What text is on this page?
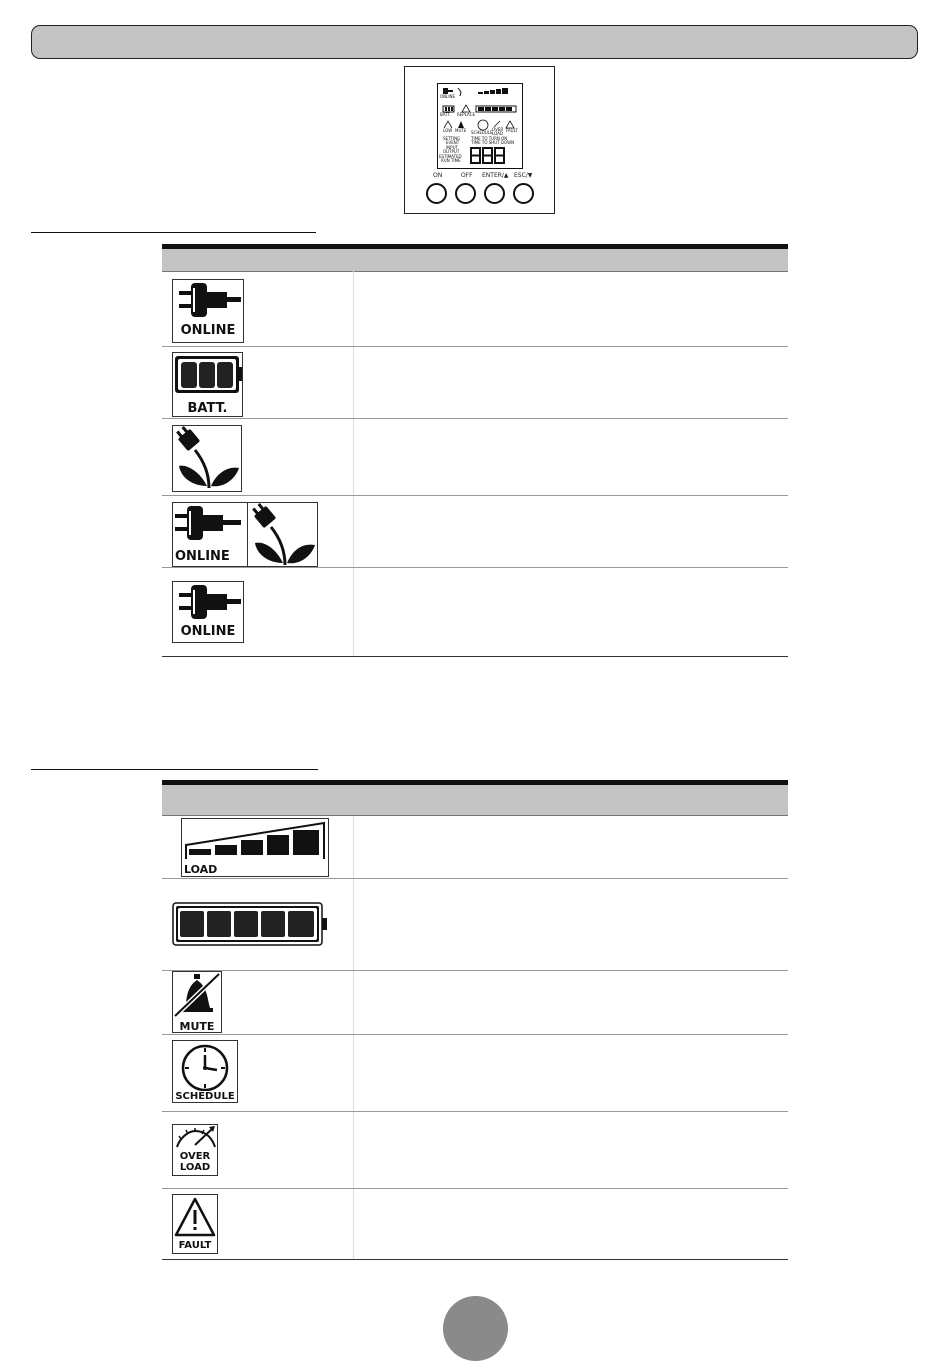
ONLINE
BATT. REPLACE
LOW MUTE SCHEDULE
OVER
LOAD
FAULT
SETTING
EVENT
INPUT
OUTPUT
ESTIMATED
RUN TIME
TIME TO TURN ON
TIME TO SHUT DOWN
ON	OFF ENTER/▲ ESC/▼
ONLINE
BATT.
ONLINE
ONLINE
LOAD
MUTE
SCHEDULE
OVER
LOAD
FAULT
